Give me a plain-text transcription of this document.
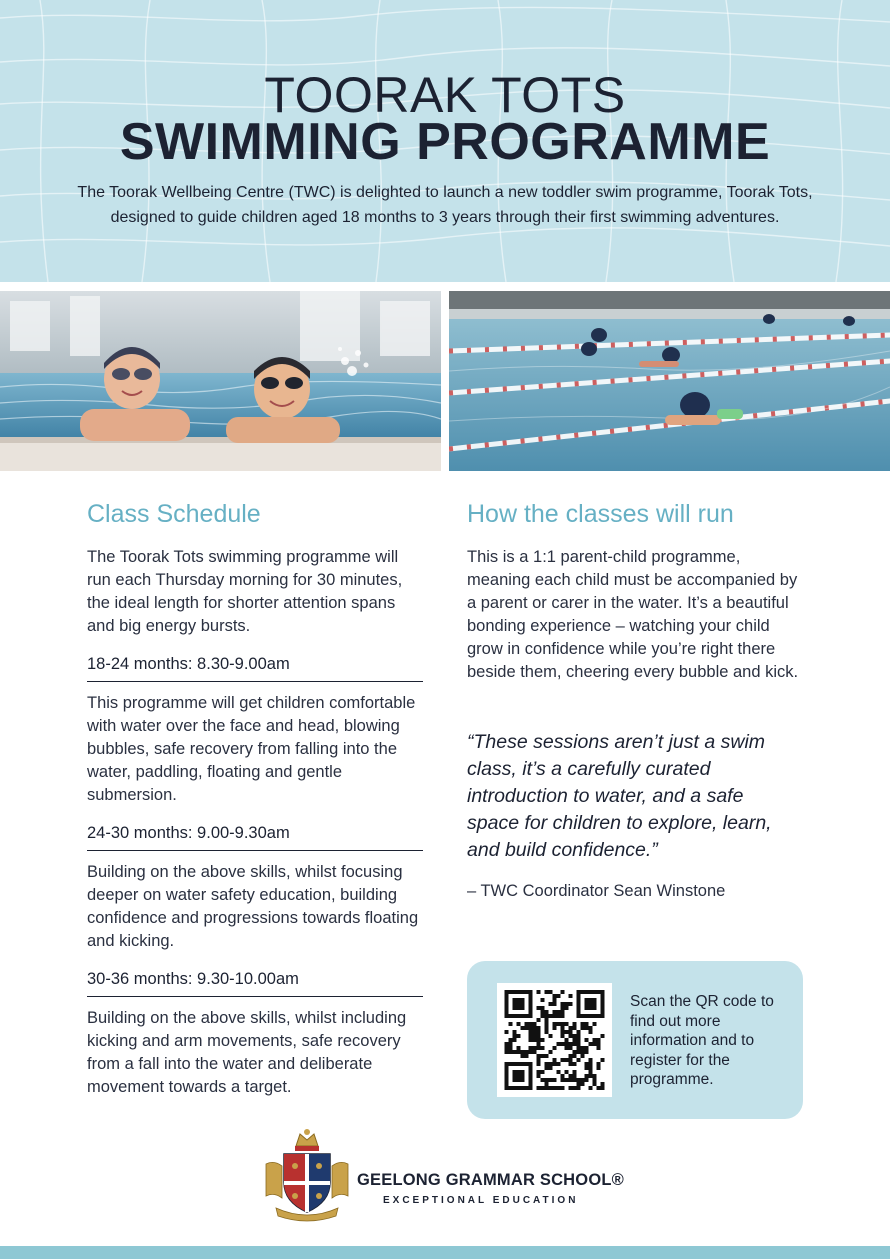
TOORAK TOTS
SWIMMING PROGRAMME
The Toorak Wellbeing Centre (TWC) is delighted to launch a new toddler swim programme, Toorak Tots,
designed to guide children aged 18 months to 3 years through their first swimming adventures.
Class Schedule

The Toorak Tots swimming programme will run each Thursday morning for 30 minutes, the ideal length for shorter attention spans and big energy bursts.

18-24 months: 8.30-9.00am

This programme will get children comfortable with water over the face and head, blowing bubbles, safe recovery from falling into the water, paddling, floating and gentle submersion.

24-30 months: 9.00-9.30am

Building on the above skills, whilst focusing deeper on water safety education, building confidence and progressions towards floating and kicking.

30-36 months: 9.30-10.00am

Building on the above skills, whilst including kicking and arm movements, safe recovery from a fall into the water and deliberate movement towards a target.

How the classes will run

This is a 1:1 parent-child programme, meaning each child must be accompanied by a parent or carer in the water. It’s a beautiful bonding experience – watching your child grow in confidence while you’re right there beside them, cheering every bubble and kick.

“These sessions aren’t just a swim class, it’s a carefully curated introduction to water, and a safe space for children to explore, learn, and build confidence.”

– TWC Coordinator Sean Winstone

Scan the QR code to find out more information and to register for the programme.
GEELONG GRAMMAR SCHOOL®
EXCEPTIONAL EDUCATION
